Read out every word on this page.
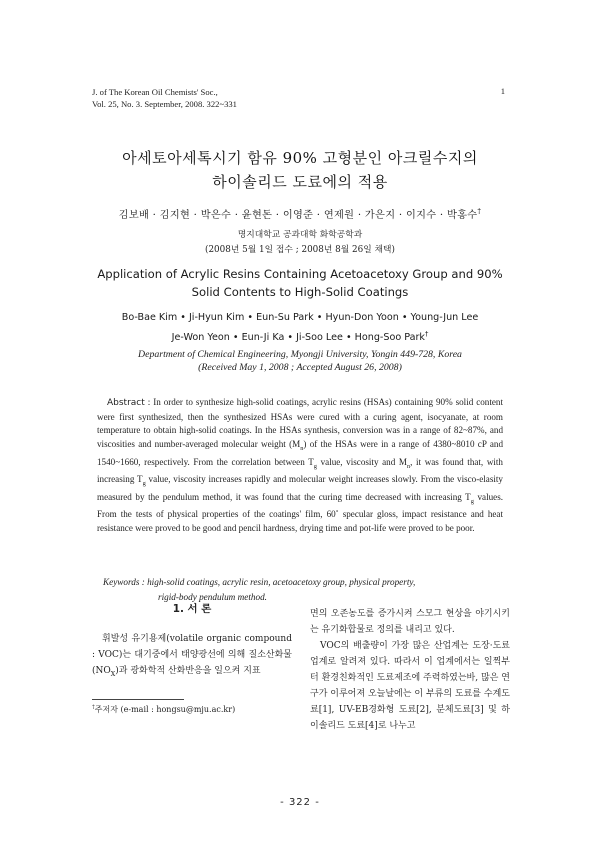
J. of The Korean Oil Chemists' Soc.,
Vol. 25, No. 3. September, 2008. 322~331
1
아세토아세톡시기 함유 90% 고형분인 아크릴수지의
하이솔리드 도료에의 적용
김보배 · 김지현 · 박은수 · 윤현돈 · 이영준 · 연제원 · 가은지 · 이지수 · 박홍수†
명지대학교 공과대학 화학공학과
(2008년 5월 1일 접수 ; 2008년 8월 26일 채택)
Application of Acrylic Resins Containing Acetoacetoxy Group and 90%
Solid Contents to High-Solid Coatings
Bo-Bae Kim • Ji-Hyun Kim • Eun-Su Park • Hyun-Don Yoon • Young-Jun Lee
Je-Won Yeon • Eun-Ji Ka • Ji-Soo Lee • Hong-Soo Park†
Department of Chemical Engineering, Myongji University, Yongin 449-728, Korea
(Received May 1, 2008 ; Accepted August 26, 2008)

Abstract : In order to synthesize high-solid coatings, acrylic resins (HSAs) containing 90% solid content were first synthesized, then the synthesized HSAs were cured with a curing agent, isocyanate, at room temperature to obtain high-solid coatings. In the HSAs synthesis, conversion was in a range of 82~87%, and viscosities and number-averaged molecular weight $(M_n)$ of the HSAs were in a range of 4380~8010 cP and 1540~1660, respectively. From the correlation between $T_g$ value, viscosity and $M_n$, it was found that, with increasing $T_g$ value, viscosity increases rapidly and molecular weight increases slowly. From the visco-elasity measured by the pendulum method, it was found that the curing time decreased with increasing $T_g$ values. From the tests of physical properties of the coatings' film, 60˚ specular gloss, impact resistance and heat resistance were proved to be good and pencil hardness, drying time and pot-life were proved to be poor.

Keywords : high-solid coatings, acrylic resin, acetoacetoxy group, physical property,
rigid-body pendulum method.
1. 서 론

휘발성 유기용제(volatile organic compound : VOC)는 대기중에서 태양광선에 의해 질소산화물$(NO_X)$과 광화학적 산화반응을 일으켜 지표

면의 오존농도를 증가시켜 스모그 현상을 야기시키는 유기화합물로 정의를 내리고 있다.

VOC의 배출량이 가장 많은 산업계는 도장·도료업계로 알려져 있다. 따라서 이 업계에서는 일찍부터 환경친화적인 도료제조에 주력하였는바, 많은 연구가 이루어져 오늘날에는 이 부류의 도료를 수계도료[1], UV-EB경화형 도료[2], 분체도료[3] 및 하이솔리드 도료[4]로 나누고

†주저자 (e-mail : hongsu@mju.ac.kr)
- 322 -
